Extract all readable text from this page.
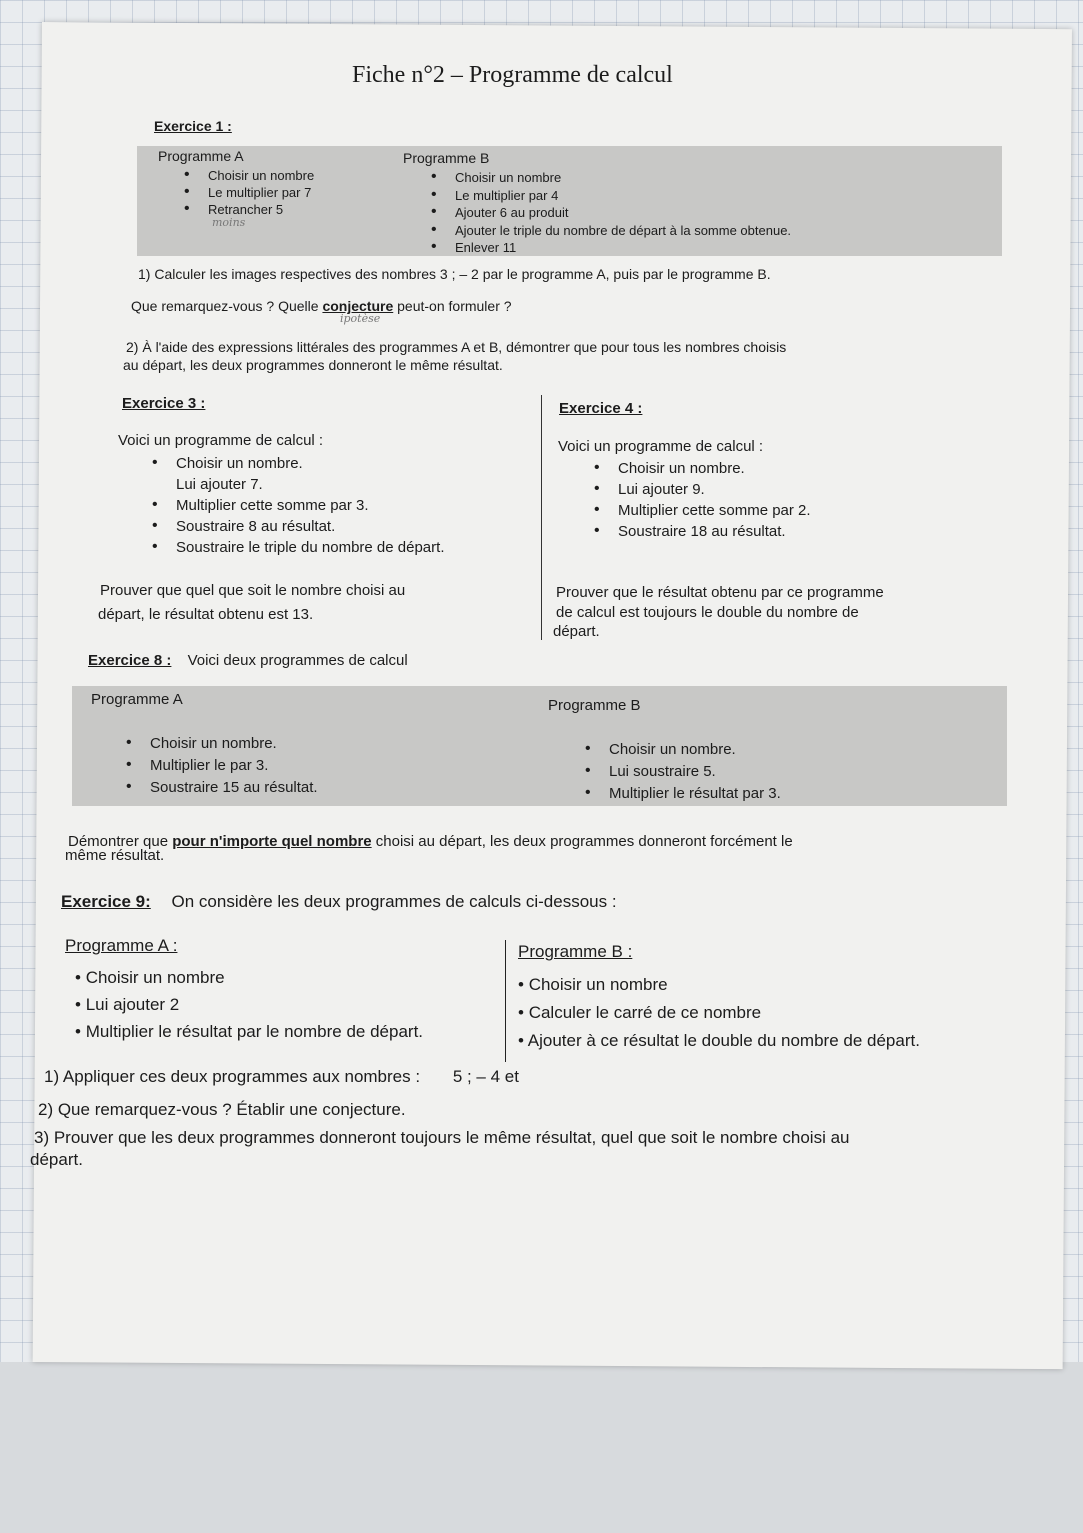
Fiche n°2 – Programme de calcul
Exercice 1 :
Programme A
• Choisir un nombre
• Le multiplier par 7
• Retrancher 5
moins
Programme B
• Choisir un nombre
• Le multiplier par 4
• Ajouter 6 au produit
• Ajouter le triple du nombre de départ à la somme obtenue.
• Enlever 11
1) Calculer les images respectives des nombres 3 ; – 2 par le programme A, puis par le programme B.
Que remarquez-vous ? Quelle conjecture peut-on formuler ?
ipotèse
2) À l'aide des expressions littérales des programmes A et B, démontrer que pour tous les nombres choisis
au départ, les deux programmes donneront le même résultat.
Exercice 3 :
Voici un programme de calcul :
• Choisir un nombre.
Lui ajouter 7.
• Multiplier cette somme par 3.
• Soustraire 8 au résultat.
• Soustraire le triple du nombre de départ.
Prouver que quel que soit le nombre choisi au
départ, le résultat obtenu est 13.
Exercice 4 :
Voici un programme de calcul :
• Choisir un nombre.
• Lui ajouter 9.
• Multiplier cette somme par 2.
• Soustraire 18 au résultat.
Prouver que le résultat obtenu par ce programme
de calcul est toujours le double du nombre de
départ.
Exercice 8 : Voici deux programmes de calcul
Programme A
• Choisir un nombre.
• Multiplier le par 3.
• Soustraire 15 au résultat.
Programme B
• Choisir un nombre.
• Lui soustraire 5.
• Multiplier le résultat par 3.
Démontrer que pour n'importe quel nombre choisi au départ, les deux programmes donneront forcément le
même résultat.
Exercice 9: On considère les deux programmes de calculs ci-dessous :
Programme A :
• Choisir un nombre
• Lui ajouter 2
• Multiplier le résultat par le nombre de départ.
Programme B :
• Choisir un nombre
• Calculer le carré de ce nombre
• Ajouter à ce résultat le double du nombre de départ.
1) Appliquer ces deux programmes aux nombres : 5 ; – 4 et
2) Que remarquez-vous ? Établir une conjecture.
3) Prouver que les deux programmes donneront toujours le même résultat, quel que soit le nombre choisi au
départ.
